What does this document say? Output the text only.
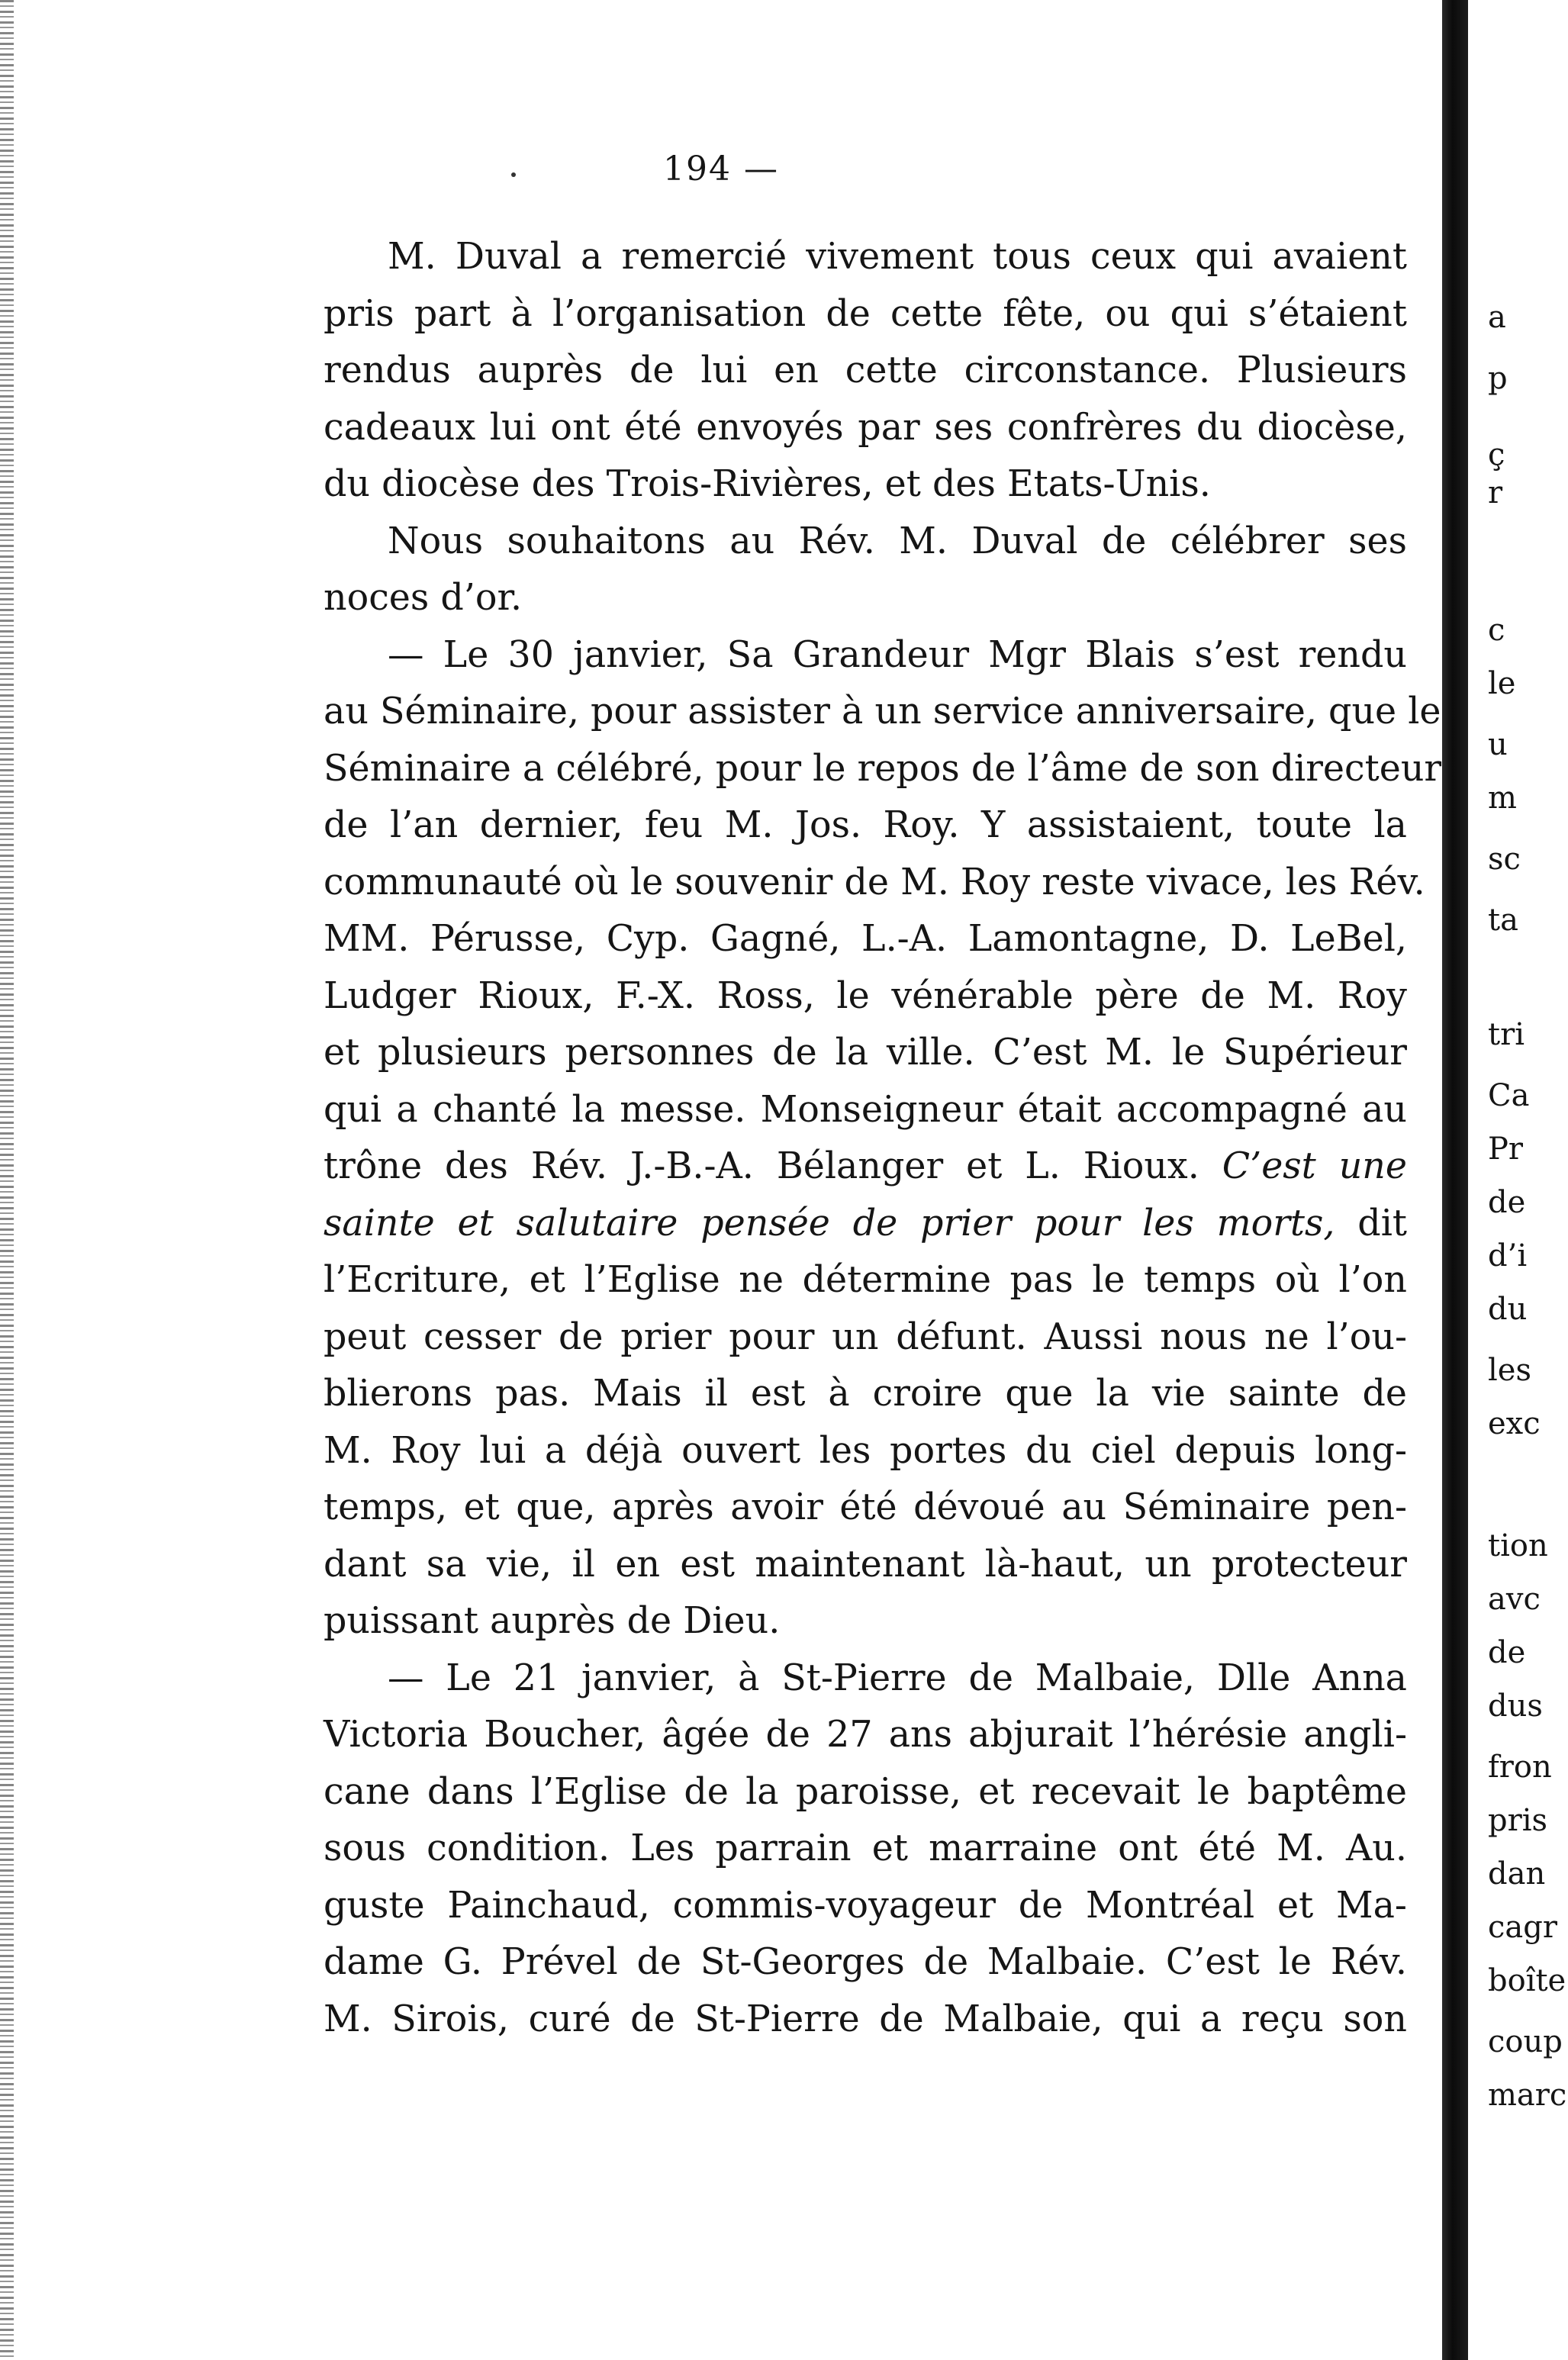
194 —
M. Duval a remercié vivement tous ceux qui avaient
pris part à l’organisation de cette fête, ou qui s’étaient
rendus auprès de lui en cette circonstance. Plusieurs
cadeaux lui ont été envoyés par ses confrères du diocèse,
du diocèse des Trois-Rivières, et des Etats-Unis.
Nous souhaitons au Rév. M. Duval de célébrer ses
noces d’or.
— Le 30 janvier, Sa Grandeur Mgr Blais s’est rendu
au Séminaire, pour assister à un service anniversaire, que le
Séminaire a célébré, pour le repos de l’âme de son directeur
de l’an dernier, feu M. Jos. Roy. Y assistaient, toute la
communauté où le souvenir de M. Roy reste vivace, les Rév.
MM. Pérusse, Cyp. Gagné, L.-A. Lamontagne, D. LeBel,
Ludger Rioux, F.-X. Ross, le vénérable père de M. Roy
et plusieurs personnes de la ville. C’est M. le Supérieur
qui a chanté la messe. Monseigneur était accompagné au
trône des Rév. J.-B.-A. Bélanger et L. Rioux. C’est une
sainte et salutaire pensée de prier pour les morts, dit
l’Ecriture, et l’Eglise ne détermine pas le temps où l’on
peut cesser de prier pour un défunt. Aussi nous ne l’ou-
blierons pas. Mais il est à croire que la vie sainte de
M. Roy lui a déjà ouvert les portes du ciel depuis long-
temps, et que, après avoir été dévoué au Séminaire pen-
dant sa vie, il en est maintenant là-haut, un protecteur
puissant auprès de Dieu.
— Le 21 janvier, à St-Pierre de Malbaie, Dlle Anna
Victoria Boucher, âgée de 27 ans abjurait l’hérésie angli-
cane dans l’Eglise de la paroisse, et recevait le baptême
sous condition. Les parrain et marraine ont été M. Au.
guste Painchaud, commis-voyageur de Montréal et Ma-
dame G. Prével de St-Georges de Malbaie. C’est le Rév.
M. Sirois, curé de St-Pierre de Malbaie, qui a reçu son
a
p
ç
r
c
le
u
m
sc
ta
tri
Ca
Pr
de
d’i
du
les
exc
tion
avc
de
dus
fron
pris
dan
cagr
boîte
coup
marc
